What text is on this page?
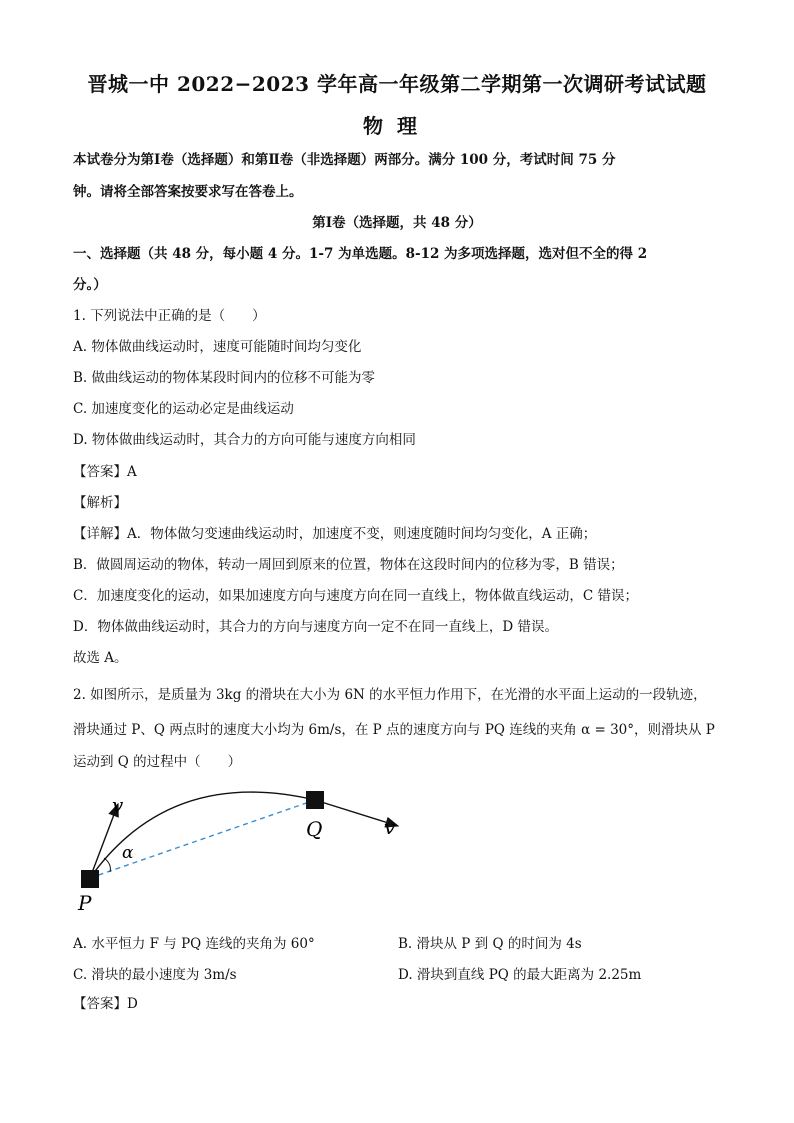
晋城一中 2022−2023 学年高一年级第二学期第一次调研考试试题
物理
本试卷分为第Ⅰ卷（选择题）和第Ⅱ卷（非选择题）两部分。满分 100 分，考试时间 75 分
钟。请将全部答案按要求写在答卷上。
第Ⅰ卷（选择题，共 48 分）
一、选择题（共 48 分，每小题 4 分。1-7 为单选题。8-12 为多项选择题，选对但不全的得 2
分。）
1. 下列说法中正确的是（　　）
A. 物体做曲线运动时，速度可能随时间均匀变化
B. 做曲线运动的物体某段时间内的位移不可能为零
C. 加速度变化的运动必定是曲线运动
D. 物体做曲线运动时，其合力的方向可能与速度方向相同
【答案】A
【解析】
【详解】A．物体做匀变速曲线运动时，加速度不变，则速度随时间均匀变化，A 正确；
B．做圆周运动的物体，转动一周回到原来的位置，物体在这段时间内的位移为零，B 错误；
C．加速度变化的运动，如果加速度方向与速度方向在同一直线上，物体做直线运动，C 错误；
D．物体做曲线运动时，其合力的方向与速度方向一定不在同一直线上，D 错误。
故选 A。
2. 如图所示，是质量为 3kg 的滑块在大小为 6N 的水平恒力作用下，在光滑的水平面上运动的一段轨迹，
滑块通过 P、Q 两点时的速度大小均为 6m/s，在 P 点的速度方向与 PQ 连线的夹角 α = 30°，则滑块从 P
运动到 Q 的过程中（　　）
v
α
Q	v
P
A. 水平恒力 F 与 PQ 连线的夹角为 60°	B. 滑块从 P 到 Q 的时间为 4s
C. 滑块的最小速度为 3m/s	D. 滑块到直线 PQ 的最大距离为 2.25m
【答案】D
